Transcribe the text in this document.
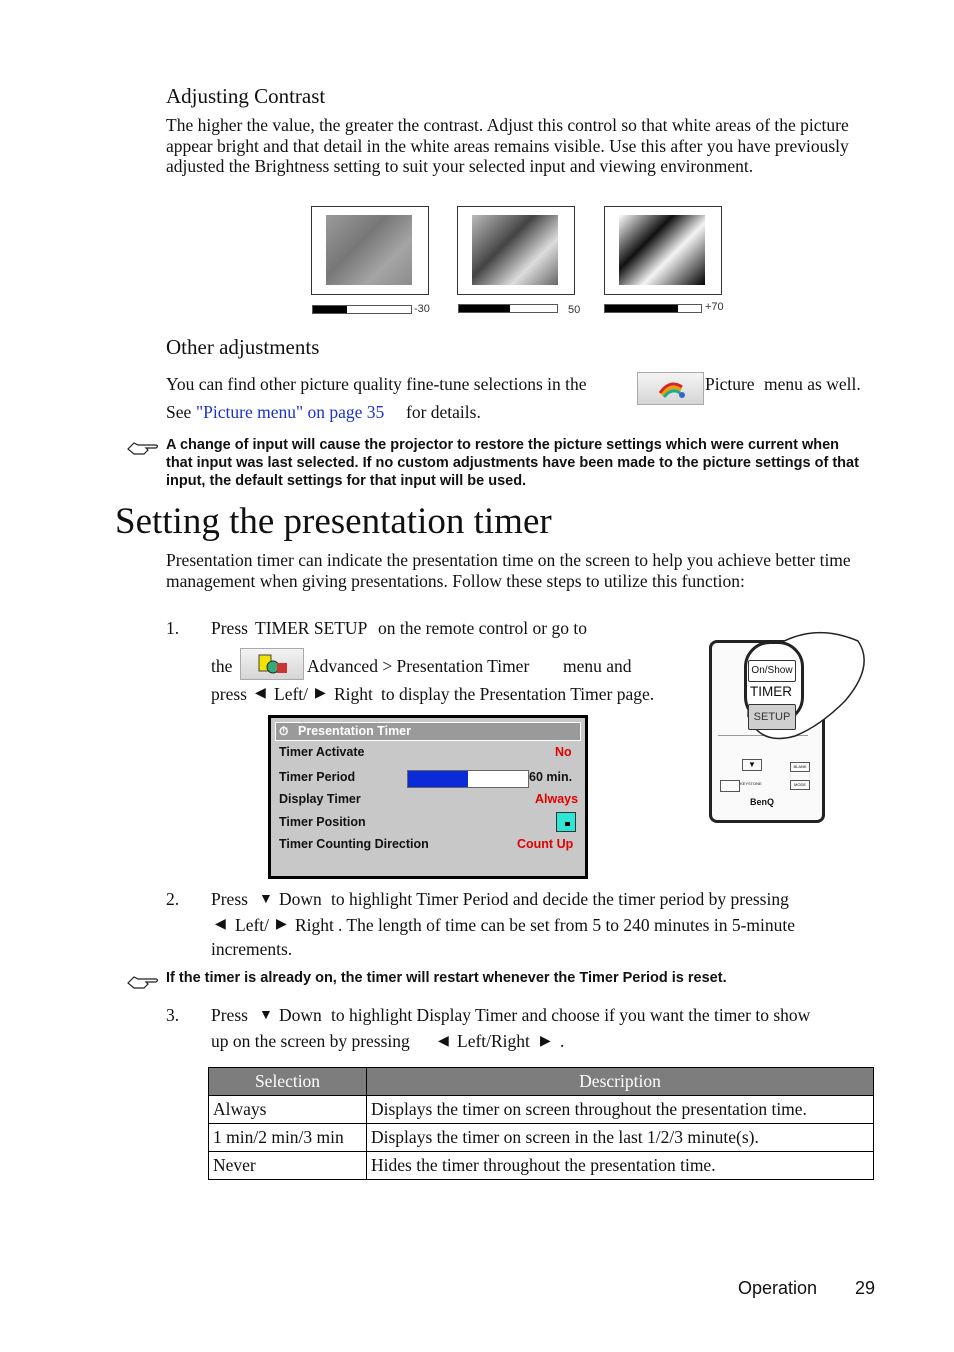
Adjusting Contrast
The higher the value, the greater the contrast. Adjust this control so that white areas of the picture appear bright and that detail in the white areas remains visible. Use this after you have previously adjusted the Brightness setting to suit your selected input and viewing environment.
-30	50	+70
Other adjustments
You can find other picture quality fine-tune selections in the	Picture menu as well.
See "Picture menu" on page 35 for details.
A change of input will cause the projector to restore the picture settings which were current when that input was last selected. If no custom adjustments have been made to the picture settings of that input, the default settings for that input will be used.
Setting the presentation timer
Presentation timer can indicate the presentation time on the screen to help you achieve better time management when giving presentations. Follow these steps to utilize this function:
1. Press TIMER SETUP on the remote control or go to
the	Advanced > Presentation Timer menu and
press ◀ Left/ ▶ Right to display the Presentation Timer page.
⏱ Presentation Timer
Timer Activate	No
Timer Period	60 min.
Display Timer	Always
Timer Position
Timer Counting Direction	Count Up
▼	BLANK
KEYSTONE	MODE
BenQ
On/Show
TIMER
SETUP
2. Press ▼ Down to highlight Timer Period and decide the timer period by pressing
◀ Left/ ▶ Right . The length of time can be set from 5 to 240 minutes in 5-minute
increments.
If the timer is already on, the timer will restart whenever the Timer Period is reset.
3. Press ▼ Down to highlight Display Timer and choose if you want the timer to show
up on the screen by pressing ◀ Left/Right ▶ .
Selection	Description
Always	Displays the timer on screen throughout the presentation time.
1 min/2 min/3 min	Displays the timer on screen in the last 1/2/3 minute(s).
Never	Hides the timer throughout the presentation time.
Operation 29
